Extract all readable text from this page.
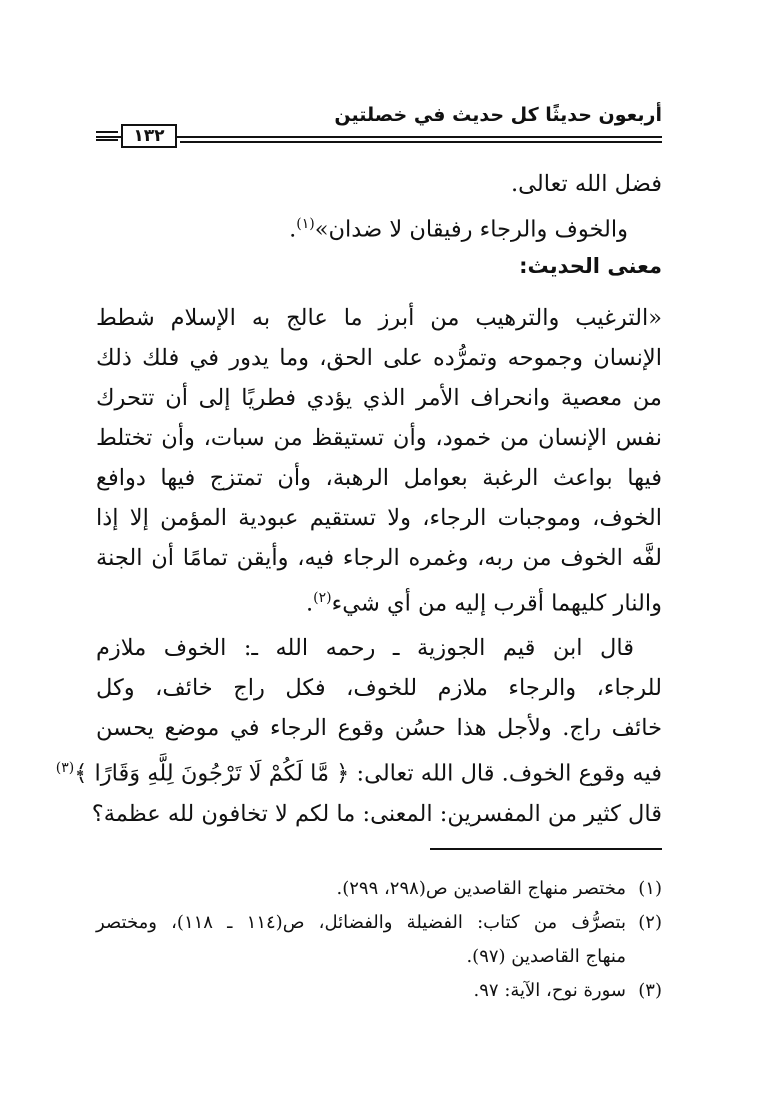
أربعون حديثًا كل حديث في خصلتين
١٣٢
فضل الله تعالى.
والخوف والرجاء رفيقان لا ضدان»$^{(١)}$.
معنى الحديث:
«الترغيب والترهيب من أبرز ما عالج به الإسلام شطط
الإنسان وجموحه وتمرُّده على الحق، وما يدور في فلك ذلك
من معصية وانحراف الأمر الذي يؤدي فطريًا إلى أن تتحرك
نفس الإنسان من خمود، وأن تستيقظ من سبات، وأن تختلط
فيها بواعث الرغبة بعوامل الرهبة، وأن تمتزج فيها دوافع
الخوف، وموجبات الرجاء، ولا تستقيم عبودية المؤمن إلا إذا
لفَّه الخوف من ربه، وغمره الرجاء فيه، وأيقن تمامًا أن الجنة
والنار كليهما أقرب إليه من أي شيء$^{(٢)}$.
قال ابن قيم الجوزية ـ رحمه الله ـ: الخوف ملازم
للرجاء، والرجاء ملازم للخوف، فكل راج خائف، وكل
خائف راج. ولأجل هذا حسُن وقوع الرجاء في موضع يحسن
فيه وقوع الخوف. قال الله تعالى: ﴿ مَّا لَكُمْ لَا تَرْجُونَ لِلَّهِ وَقَارًا ﴾$^{(٣)}$
قال كثير من المفسرين: المعنى: ما لكم لا تخافون لله عظمة؟
(١)
مختصر منهاج القاصدين ص(٢٩٨، ٢٩٩).
(٢)
بتصرُّف من كتاب: الفضيلة والفضائل، ص(١١٤ ـ ١١٨)، ومختصر
منهاج القاصدين (٩٧).
(٣)
سورة نوح، الآية: ٩٧.
